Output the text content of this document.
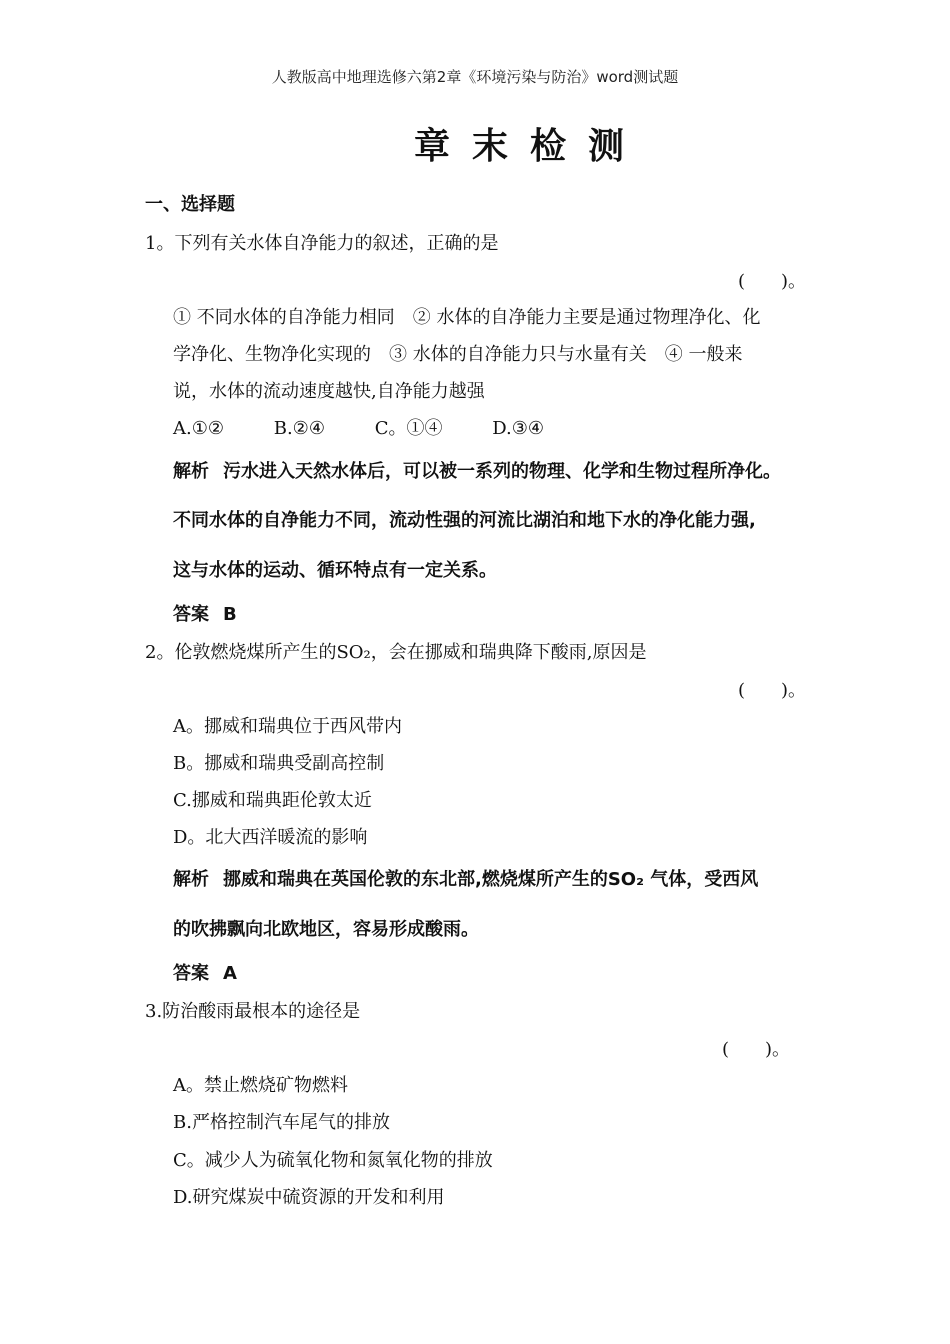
人教版高中地理选修六第2章《环境污染与防治》word测试题
章末检测
一、选择题
1。下列有关水体自净能力的叙述，正确的是
(　　)。
① 不同水体的自净能力相同　② 水体的自净能力主要是通过物理净化、化
学净化、生物净化实现的　③ 水体的自净能力只与水量有关　④ 一般来
说，水体的流动速度越快,自净能力越强
A.①②	B.②④	C。①④	D.③④
解析 污水进入天然水体后，可以被一系列的物理、化学和生物过程所净化。
不同水体的自净能力不同，流动性强的河流比湖泊和地下水的净化能力强,
这与水体的运动、循环特点有一定关系。
答案 B
2。伦敦燃烧煤所产生的SO₂，会在挪威和瑞典降下酸雨,原因是
(　　)。
A。挪威和瑞典位于西风带内
B。挪威和瑞典受副高控制
C.挪威和瑞典距伦敦太近
D。北大西洋暖流的影响
解析 挪威和瑞典在英国伦敦的东北部,燃烧煤所产生的SO₂ 气体，受西风
的吹拂飘向北欧地区，容易形成酸雨。
答案 A
3.防治酸雨最根本的途径是
(　　)。
A。禁止燃烧矿物燃料
B.严格控制汽车尾气的排放
C。减少人为硫氧化物和氮氧化物的排放
D.研究煤炭中硫资源的开发和利用
